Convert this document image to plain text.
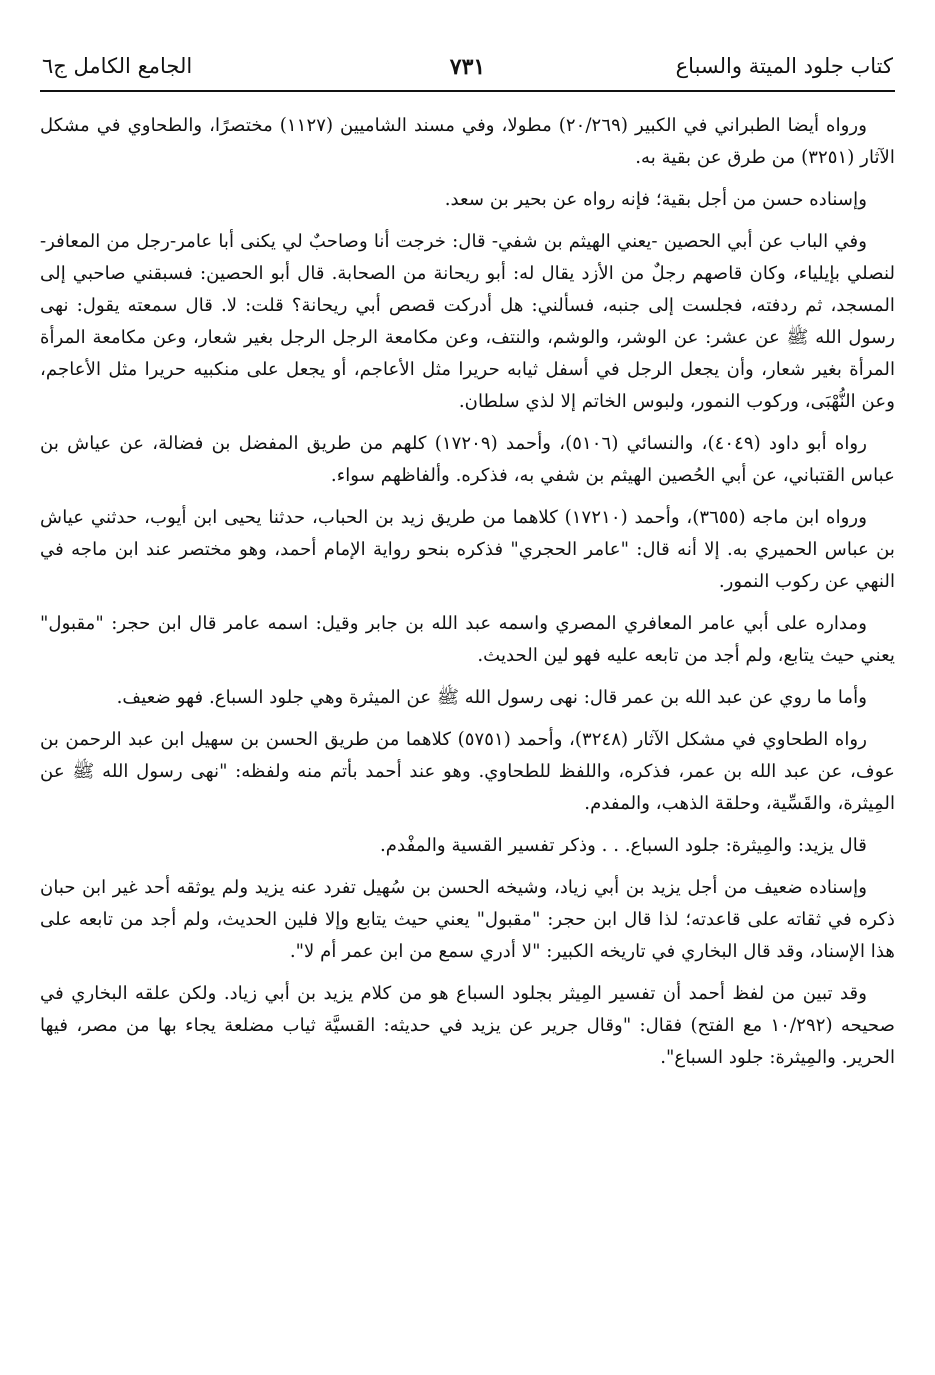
كتاب جلود الميتة والسباع
٧٣١
الجامع الكامل ج٦

ورواه أيضا الطبراني في الكبير (٢٠/٢٦٩) مطولا، وفي مسند الشاميين (١١٢٧) مختصرًا، والطحاوي في مشكل الآثار (٣٢٥١) من طرق عن بقية به.

وإسناده حسن من أجل بقية؛ فإنه رواه عن بحير بن سعد.

وفي الباب عن أبي الحصين -يعني الهيثم بن شفي- قال: خرجت أنا وصاحبٌ لي يكنى أبا عامر-رجل من المعافر- لنصلي بإيلياء، وكان قاصهم رجلٌ من الأزد يقال له: أبو ريحانة من الصحابة. قال أبو الحصين: فسبقني صاحبي إلى المسجد، ثم ردفته، فجلست إلى جنبه، فسألني: هل أدركت قصص أبي ريحانة؟ قلت: لا. قال سمعته يقول: نهى رسول الله ﷺ عن عشر: عن الوشر، والوشم، والنتف، وعن مكامعة الرجل الرجل بغير شعار، وعن مكامعة المرأة المرأة بغير شعار، وأن يجعل الرجل في أسفل ثيابه حريرا مثل الأعاجم، أو يجعل على منكبيه حريرا مثل الأعاجم، وعن النُّهْبَى، وركوب النمور، ولبوس الخاتم إلا لذي سلطان.

رواه أبو داود (٤٠٤٩)، والنسائي (٥١٠٦)، وأحمد (١٧٢٠٩) كلهم من طريق المفضل بن فضالة، عن عياش بن عباس القتباني، عن أبي الحُصين الهيثم بن شفي به، فذكره. وألفاظهم سواء.

ورواه ابن ماجه (٣٦٥٥)، وأحمد (١٧٢١٠) كلاهما من طريق زيد بن الحباب، حدثنا يحيى ابن أيوب، حدثني عياش بن عباس الحميري به. إلا أنه قال: "عامر الحجري" فذكره بنحو رواية الإمام أحمد، وهو مختصر عند ابن ماجه في النهي عن ركوب النمور.

ومداره على أبي عامر المعافري المصري واسمه عبد الله بن جابر وقيل: اسمه عامر قال ابن حجر: "مقبول" يعني حيث يتابع، ولم أجد من تابعه عليه فهو لين الحديث.

وأما ما روي عن عبد الله بن عمر قال: نهى رسول الله ﷺ عن الميثرة وهي جلود السباع. فهو ضعيف.

رواه الطحاوي في مشكل الآثار (٣٢٤٨)، وأحمد (٥٧٥١) كلاهما من طريق الحسن بن سهيل ابن عبد الرحمن بن عوف، عن عبد الله بن عمر، فذكره، واللفظ للطحاوي. وهو عند أحمد بأتم منه ولفظه: "نهى رسول الله ﷺ عن المِيثرة، والقَسِّية، وحلقة الذهب، والمفدم.

قال يزيد: والمِيثرة: جلود السباع. . . وذكر تفسير القسية والمفْدم.

وإسناده ضعيف من أجل يزيد بن أبي زياد، وشيخه الحسن بن سُهيل تفرد عنه يزيد ولم يوثقه أحد غير ابن حبان ذكره في ثقاته على قاعدته؛ لذا قال ابن حجر: "مقبول" يعني حيث يتابع وإلا فلين الحديث، ولم أجد من تابعه على هذا الإسناد، وقد قال البخاري في تاريخه الكبير: "لا أدري سمع من ابن عمر أم لا".

وقد تبين من لفظ أحمد أن تفسير المِيثر بجلود السباع هو من كلام يزيد بن أبي زياد. ولكن علقه البخاري في صحيحه (١٠/٢٩٢ مع الفتح) فقال: "وقال جرير عن يزيد في حديثه: القسيَّة ثياب مضلعة يجاء بها من مصر، فيها الحرير. والمِيثرة: جلود السباع".
